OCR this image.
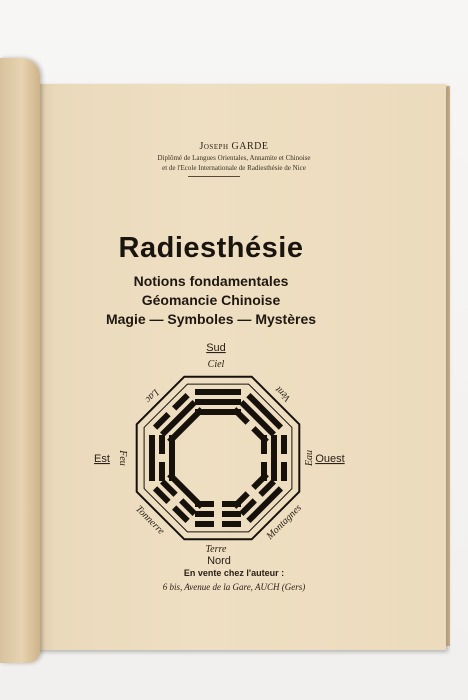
Joseph GARDE
Diplômé de Langues Orientales, Annamite et Chinoise
et de l'Ecole Internationale de Radiesthésie de Nice
Radiesthésie
Notions fondamentales
Géomancie Chinoise
Magie — Symboles — Mystères
Sud
Ciel
Nord
Terre
Est	Ouest
Feu	Eau
Lac	Vent
Tonnerre	Montagnes
En vente chez l'auteur :
6 bis, Avenue de la Gare, AUCH (Gers)
